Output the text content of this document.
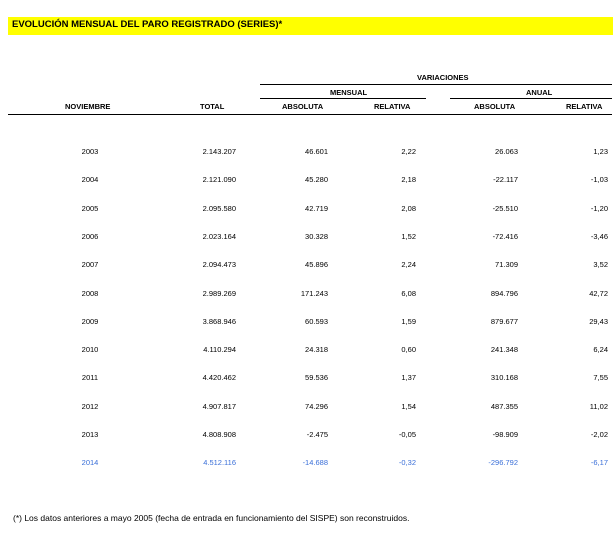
EVOLUCIÓN MENSUAL DEL PARO REGISTRADO (SERIES)*
VARIACIONES
MENSUAL	ANUAL
NOVIEMBRE	TOTAL	ABSOLUTA	RELATIVA	ABSOLUTA	RELATIVA
2003	2.143.207	46.601	2,22	26.063	1,23
2004	2.121.090	45.280	2,18	-22.117	-1,03
2005	2.095.580	42.719	2,08	-25.510	-1,20
2006	2.023.164	30.328	1,52	-72.416	-3,46
2007	2.094.473	45.896	2,24	71.309	3,52
2008	2.989.269	171.243	6,08	894.796	42,72
2009	3.868.946	60.593	1,59	879.677	29,43
2010	4.110.294	24.318	0,60	241.348	6,24
2011	4.420.462	59.536	1,37	310.168	7,55
2012	4.907.817	74.296	1,54	487.355	11,02
2013	4.808.908	-2.475	-0,05	-98.909	-2,02
2014	4.512.116	-14.688	-0,32	-296.792	-6,17
(*) Los datos anteriores a mayo 2005 (fecha de entrada en funcionamiento del SISPE) son reconstruidos.
